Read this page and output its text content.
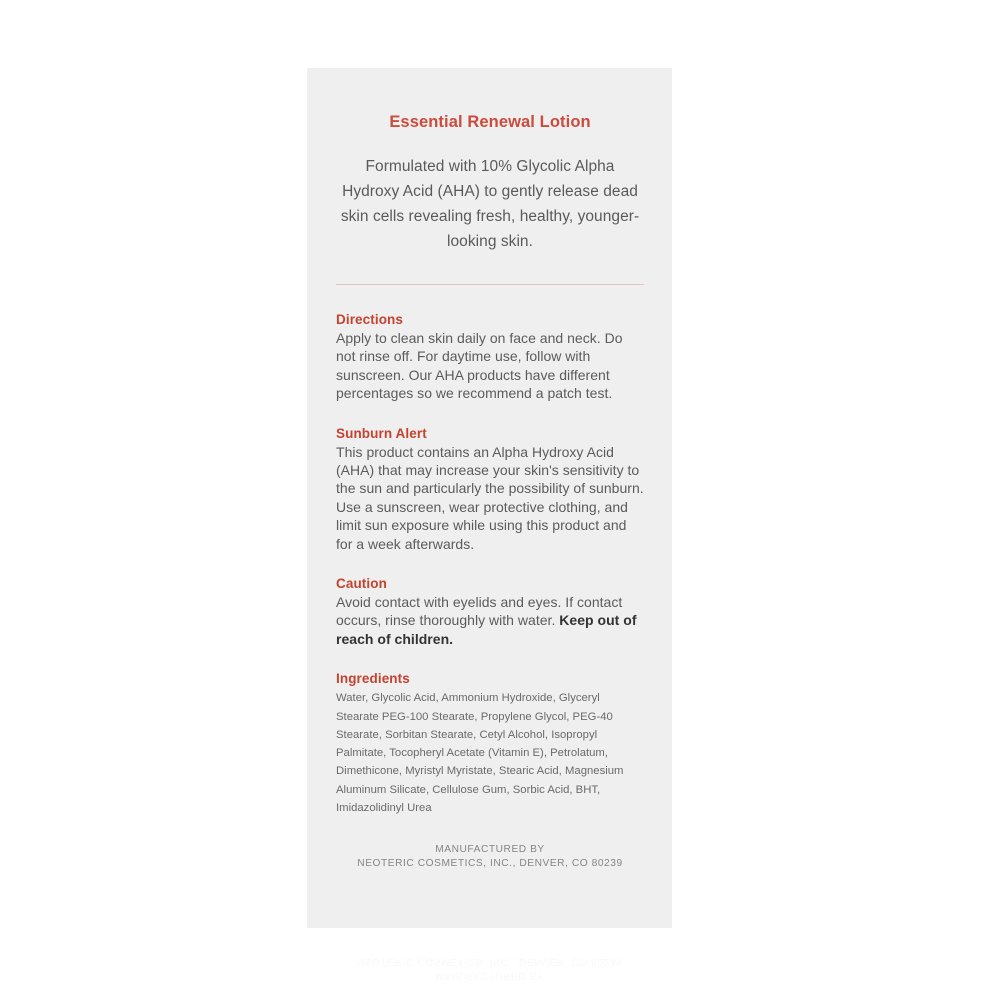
Essential Renewal Lotion

Formulated with 10% Glycolic Alpha Hydroxy Acid (AHA) to gently release dead skin cells revealing fresh, healthy, younger-looking skin.

Directions

Apply to clean skin daily on face and neck. Do not rinse off. For daytime use, follow with sunscreen. Our AHA products have different percentages so we recommend a patch test.

Sunburn Alert

This product contains an Alpha Hydroxy Acid (AHA) that may increase your skin's sensitivity to the sun and particularly the possibility of sunburn. Use a sunscreen, wear protective clothing, and limit sun exposure while using this product and for a week afterwards.

Caution

Avoid contact with eyelids and eyes. If contact occurs, rinse thoroughly with water. Keep out of reach of children.

Ingredients

Water, Glycolic Acid, Ammonium Hydroxide, Glyceryl Stearate PEG-100 Stearate, Propylene Glycol, PEG-40 Stearate, Sorbitan Stearate, Cetyl Alcohol, Isopropyl Palmitate, Tocopheryl Acetate (Vitamin E), Petrolatum, Dimethicone, Myristyl Myristate, Stearic Acid, Magnesium Aluminum Silicate, Cellulose Gum, Sorbic Acid, BHT, Imidazolidinyl Urea

MANUFACTURED BY
NEOTERIC COSMETICS, INC., DENVER, CO 80239
MANUFACTURED BY
NEOTERIC COSMETICS, INC., DENVER, CO 80239
